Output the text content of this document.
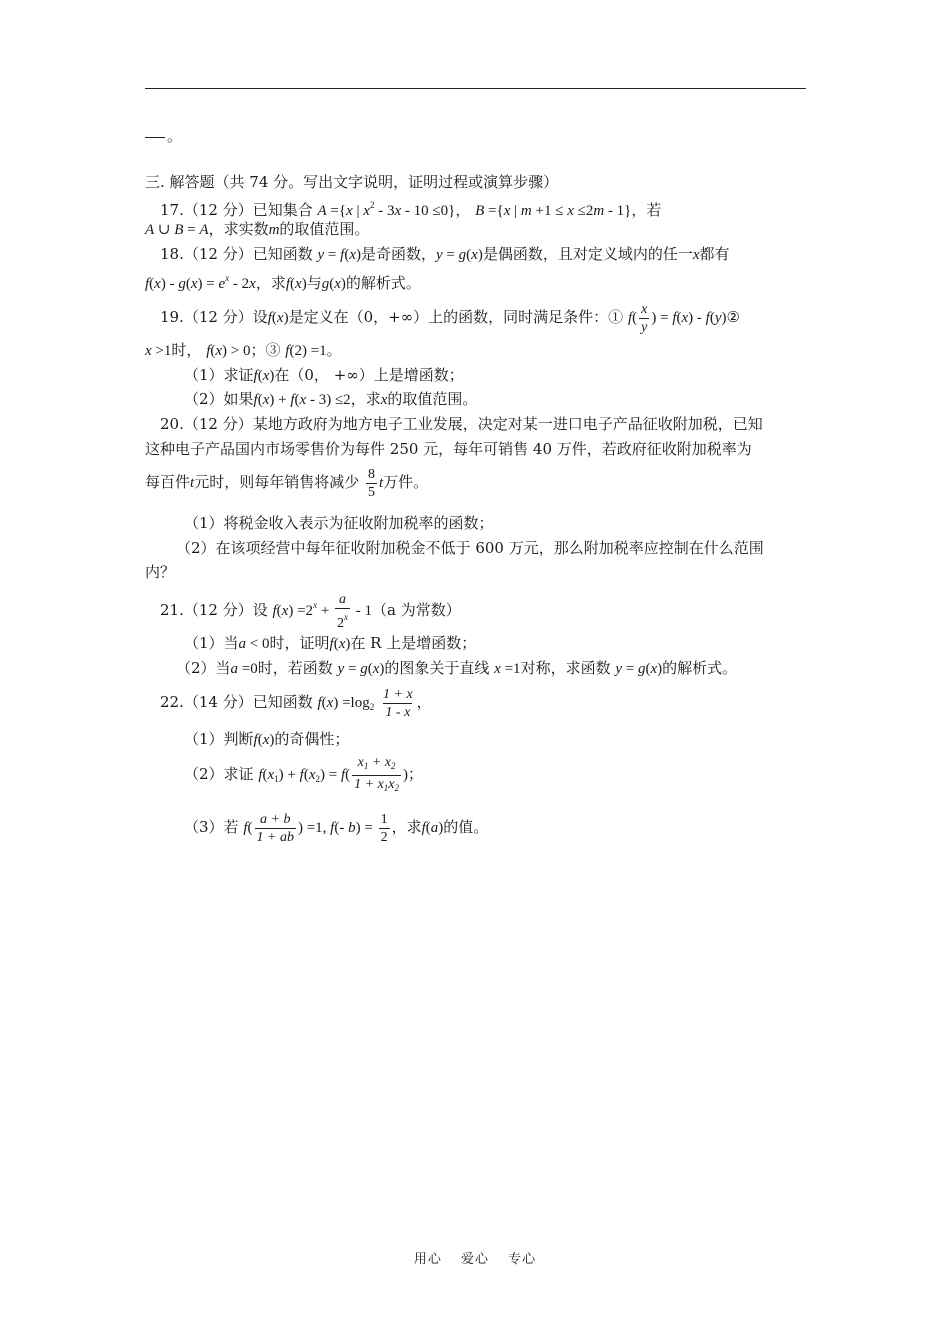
。
三. 解答题（共 74 分。写出文字说明，证明过程或演算步骤）
17.（12 分）已知集合 A ={x | $x^2 - 3x - 10 \le 0$}， B ={x | m +1 ≤ x ≤2m - 1}，若
A ∪ B = A，求实数m的取值范围。
18.（12 分）已知函数 y = f(x)是奇函数，y = g(x)是偶函数，且对定义域内的任一x都有
$f(x) - g(x) = e^x - 2x$，求f(x)与g(x)的解析式。
19.（12 分）设f(x)是定义在（0，+∞）上的函数，同时满足条件：① $f( \frac{x}{y}$ ) = f(x) - f(y)②
x >1时， f(x) > 0；③ f(2) =1。
（1）求证f(x)在（0， +∞）上是增函数；
（2）如果f(x) + f(x - 3) ≤2，求x的取值范围。
20.（12 分）某地方政府为地方电子工业发展，决定对某一进口电子产品征收附加税，已知
这种电子产品国内市场零售价为每件 250 元，每年可销售 40 万件，若政府征收附加税率为
每百件t元时，则每年销售将减少 $\frac{8}{5}$ t万件。
（1）将税金收入表示为征收附加税率的函数；
（2）在该项经营中每年征收附加税金不低于 600 万元，那么附加税率应控制在什么范围
内？
21.（12 分）设 $f(x) =2^x + \frac{a}{2^x} - 1(a$ 为常数）
（1）当a < 0时，证明f(x)在 R 上是增函数；
（2）当a =0时，若函数 y = g(x)的图象关于直线 x =1对称，求函数 y = g(x)的解析式。
22.（14 分）已知函数 $f(x) =\log_2 \frac{1 + x}{1 - x}$ ，
（1）判断f(x)的奇偶性；
（2）求证 $f(x_1) + f(x_2) = f( \frac{x_1 + x_2}{1 + x_1x_2}$ )；
（3）若 $f( \frac{a + b}{1 + ab}$ ) =1, f(- $b) = \frac{1}{2}$ ，求f(a)的值。
用心 爱心 专心
